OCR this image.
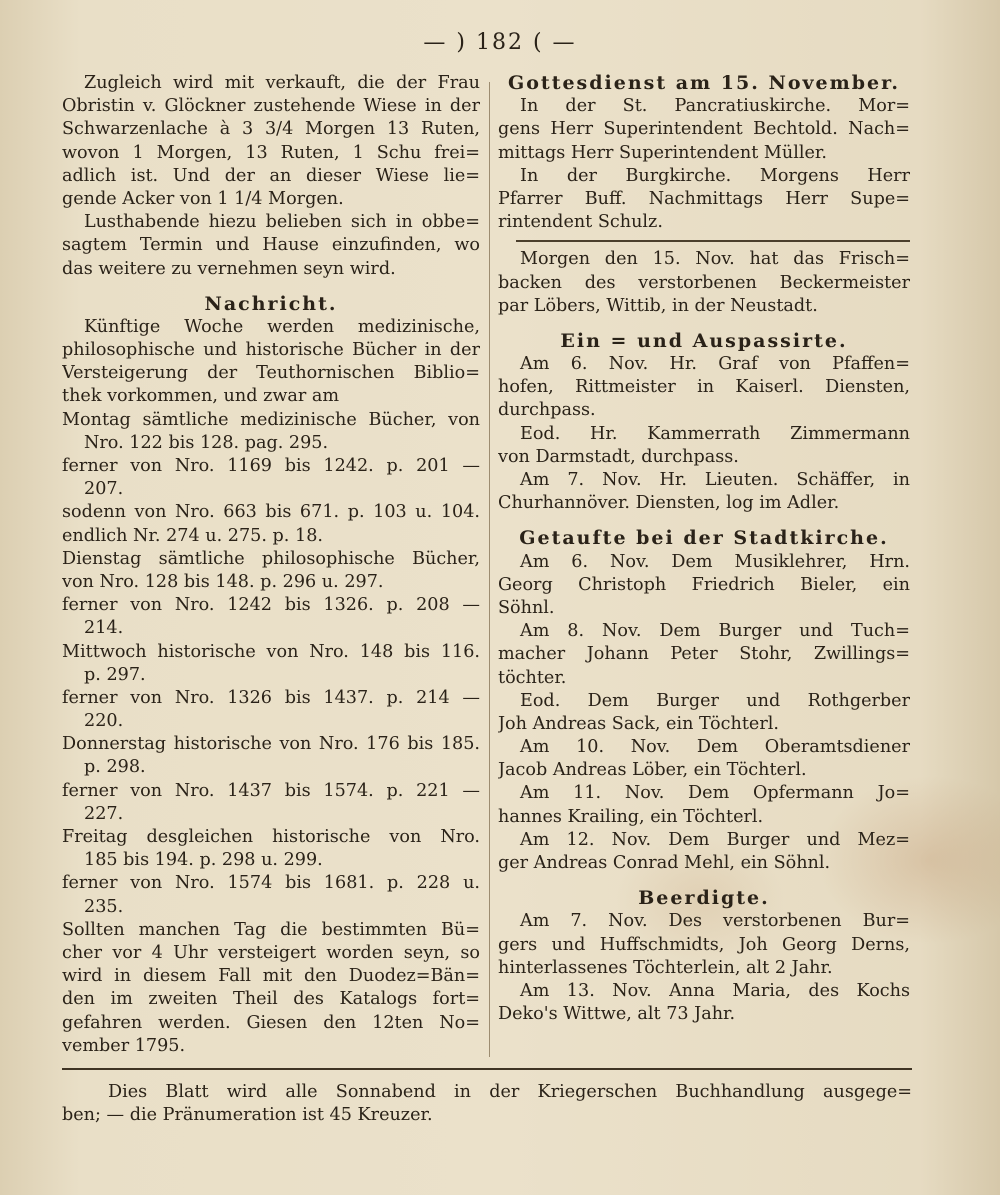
— ) 182 ( —
Zugleich wird mit verkauft, die der Frau
Obristin v. Glöckner zustehende Wiese in der
Schwarzenlache à 3 3/4 Morgen 13 Ruten,
wovon 1 Morgen, 13 Ruten, 1 Schu frei=
adlich ist. Und der an dieser Wiese lie=
gende Acker von 1 1/4 Morgen.
Lusthabende hiezu belieben sich in obbe=
sagtem Termin und Hause einzufinden, wo
das weitere zu vernehmen seyn wird.
Nachricht.
Künftige Woche werden medizinische,
philosophische und historische Bücher in der
Versteigerung der Teuthornischen Biblio=
thek vorkommen, und zwar am
Montag sämtliche medizinische Bücher, von
Nro. 122 bis 128. pag. 295.
ferner von Nro. 1169 bis 1242. p. 201 —
207.
sodenn von Nro. 663 bis 671. p. 103 u. 104.
endlich Nr. 274 u. 275. p. 18.
Dienstag sämtliche philosophische Bücher,
von Nro. 128 bis 148. p. 296 u. 297.
ferner von Nro. 1242 bis 1326. p. 208 —
214.
Mittwoch historische von Nro. 148 bis 116.
p. 297.
ferner von Nro. 1326 bis 1437. p. 214 —
220.
Donnerstag historische von Nro. 176 bis 185.
p. 298.
ferner von Nro. 1437 bis 1574. p. 221 —
227.
Freitag desgleichen historische von Nro.
185 bis 194. p. 298 u. 299.
ferner von Nro. 1574 bis 1681. p. 228 u.
235.
Sollten manchen Tag die bestimmten Bü=
cher vor 4 Uhr versteigert worden seyn, so
wird in diesem Fall mit den Duodez=Bän=
den im zweiten Theil des Katalogs fort=
gefahren werden. Giesen den 12ten No=
vember 1795.
Gottesdienst am 15. November.
In der St. Pancratiuskirche. Mor=
gens Herr Superintendent Bechtold. Nach=
mittags Herr Superintendent Müller.
In der Burgkirche. Morgens Herr
Pfarrer Buff. Nachmittags Herr Supe=
rintendent Schulz.
Morgen den 15. Nov. hat das Frisch=
backen des verstorbenen Beckermeister
par Löbers, Wittib, in der Neustadt.
Ein = und Auspassirte.
Am 6. Nov. Hr. Graf von Pfaffen=
hofen, Rittmeister in Kaiserl. Diensten,
durchpass.
Eod. Hr. Kammerrath Zimmermann
von Darmstadt, durchpass.
Am 7. Nov. Hr. Lieuten. Schäffer, in
Churhannöver. Diensten, log im Adler.
Getaufte bei der Stadtkirche.
Am 6. Nov. Dem Musiklehrer, Hrn.
Georg Christoph Friedrich Bieler, ein
Söhnl.
Am 8. Nov. Dem Burger und Tuch=
macher Johann Peter Stohr, Zwillings=
töchter.
Eod. Dem Burger und Rothgerber
Joh Andreas Sack, ein Töchterl.
Am 10. Nov. Dem Oberamtsdiener
Jacob Andreas Löber, ein Töchterl.
Am 11. Nov. Dem Opfermann Jo=
hannes Krailing, ein Töchterl.
Am 12. Nov. Dem Burger und Mez=
ger Andreas Conrad Mehl, ein Söhnl.
Beerdigte.
Am 7. Nov. Des verstorbenen Bur=
gers und Huffschmidts, Joh Georg Derns,
hinterlassenes Töchterlein, alt 2 Jahr.
Am 13. Nov. Anna Maria, des Kochs
Deko's Wittwe, alt 73 Jahr.
Dies Blatt wird alle Sonnabend in der Kriegerschen Buchhandlung ausgege=
ben; — die Pränumeration ist 45 Kreuzer.
